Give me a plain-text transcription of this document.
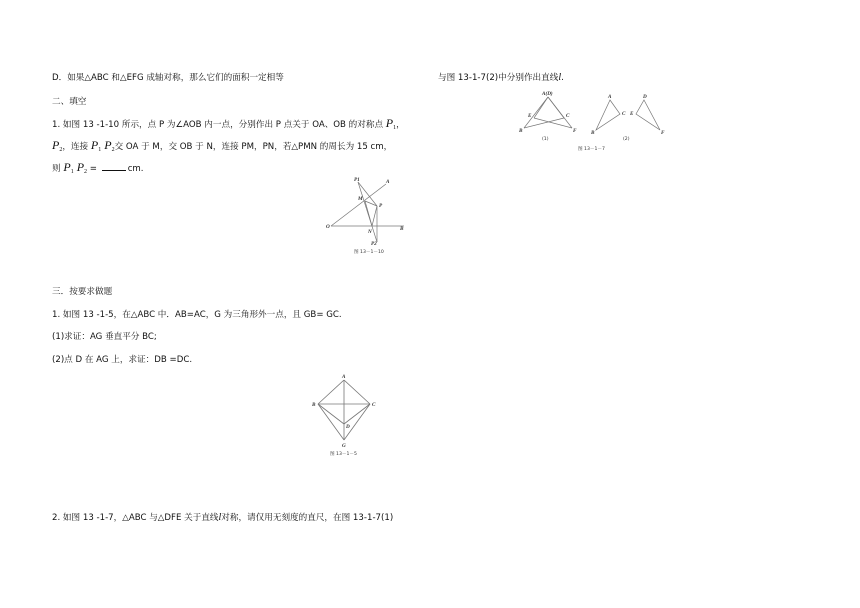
D．如果△ABC 和△EFG 成轴对称，那么它们的面积一定相等
二、填空
1. 如图 13 -1-10 所示，点 P 为∠AOB 内一点，分别作出 P 点关于 OA、OB 的对称点 $P_1$，
$P_2$，连接 $P_1$ $P_2$交 OA 于 M，交 OB 于 N，连接 PM，PN，若△PMN 的周长为 15 cm，
则 $P_1$ $P_2$ =	cm.
P1	A
M
P
O
N	B
P2
图 13－1－10
三．按要求做题
1. 如图 13 -1-5，在△ABC 中．AB=AC，G 为三角形外一点，且 GB= GC.
(1)求证：AG 垂直平分 BC;
(2)点 D 在 AG 上，求证：DB =DC.
A
B	C
D
G
图 13－1－5
2. 如图 13 -1-7，△ABC 与△DFE 关于直线l对称，请仅用无刻度的直尺，在图 13-1-7(1)
与图 13-1-7(2)中分别作出直线l.
A(D)
E	C
B	F
(1)
A
C E
D
B	F
(2)
图 13－1－7
